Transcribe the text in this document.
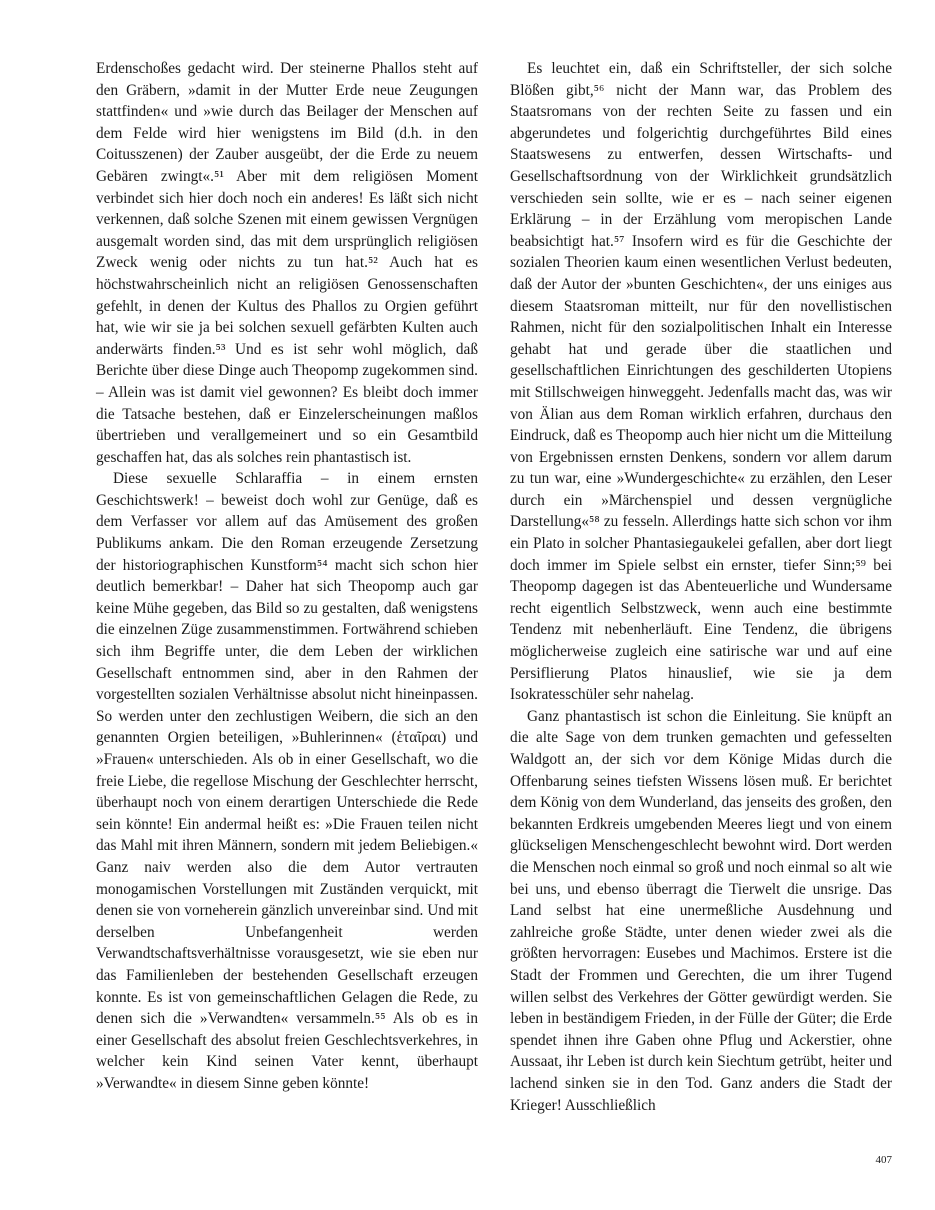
Erdenschoßes gedacht wird. Der steinerne Phallos steht auf den Gräbern, »damit in der Mutter Erde neue Zeugungen stattfinden« und »wie durch das Beilager der Menschen auf dem Felde wird hier wenigstens im Bild (d.h. in den Coitusszenen) der Zauber ausgeübt, der die Erde zu neuem Gebären zwingt«.⁵¹ Aber mit dem religiösen Moment verbindet sich hier doch noch ein anderes! Es läßt sich nicht verkennen, daß solche Szenen mit einem gewissen Vergnügen ausgemalt worden sind, das mit dem ursprünglich religiösen Zweck wenig oder nichts zu tun hat.⁵² Auch hat es höchstwahrscheinlich nicht an religiösen Genossenschaften gefehlt, in denen der Kultus des Phallos zu Orgien geführt hat, wie wir sie ja bei solchen sexuell gefärbten Kulten auch anderwärts finden.⁵³ Und es ist sehr wohl möglich, daß Berichte über diese Dinge auch Theopomp zugekommen sind. – Allein was ist damit viel gewonnen? Es bleibt doch immer die Tatsache bestehen, daß er Einzelerscheinungen maßlos übertrieben und verallgemeinert und so ein Gesamtbild geschaffen hat, das als solches rein phantastisch ist.

Diese sexuelle Schlaraffia – in einem ernsten Geschichtswerk! – beweist doch wohl zur Genüge, daß es dem Verfasser vor allem auf das Amüsement des großen Publikums ankam. Die den Roman erzeugende Zersetzung der historiographischen Kunstform⁵⁴ macht sich schon hier deutlich bemerkbar! – Daher hat sich Theopomp auch gar keine Mühe gegeben, das Bild so zu gestalten, daß wenigstens die einzelnen Züge zusammenstimmen. Fortwährend schieben sich ihm Begriffe unter, die dem Leben der wirklichen Gesellschaft entnommen sind, aber in den Rahmen der vorgestellten sozialen Verhältnisse absolut nicht hineinpassen. So werden unter den zechlustigen Weibern, die sich an den genannten Orgien beteiligen, »Buhlerinnen« (ἑταῖραι) und »Frauen« unterschieden. Als ob in einer Gesellschaft, wo die freie Liebe, die regellose Mischung der Geschlechter herrscht, überhaupt noch von einem derartigen Unterschiede die Rede sein könnte! Ein andermal heißt es: »Die Frauen teilen nicht das Mahl mit ihren Männern, sondern mit jedem Beliebigen.« Ganz naiv werden also die dem Autor vertrauten monogamischen Vorstellungen mit Zuständen verquickt, mit denen sie von vorneherein gänzlich unvereinbar sind. Und mit derselben Unbefangenheit werden Verwandtschaftsverhältnisse vorausgesetzt, wie sie eben nur das Familienleben der bestehenden Gesellschaft erzeugen konnte. Es ist von gemeinschaftlichen Gelagen die Rede, zu denen sich die »Verwandten« versammeln.⁵⁵ Als ob es in einer Gesellschaft des absolut freien Geschlechtsverkehres, in welcher kein Kind seinen Vater kennt, überhaupt »Verwandte« in diesem Sinne geben könnte!

Es leuchtet ein, daß ein Schriftsteller, der sich solche Blößen gibt,⁵⁶ nicht der Mann war, das Problem des Staatsromans von der rechten Seite zu fassen und ein abgerundetes und folgerichtig durchgeführtes Bild eines Staatswesens zu entwerfen, dessen Wirtschafts- und Gesellschaftsordnung von der Wirklichkeit grundsätzlich verschieden sein sollte, wie er es – nach seiner eigenen Erklärung – in der Erzählung vom meropischen Lande beabsichtigt hat.⁵⁷ Insofern wird es für die Geschichte der sozialen Theorien kaum einen wesentlichen Verlust bedeuten, daß der Autor der »bunten Geschichten«, der uns einiges aus diesem Staatsroman mitteilt, nur für den novellistischen Rahmen, nicht für den sozialpolitischen Inhalt ein Interesse gehabt hat und gerade über die staatlichen und gesellschaftlichen Einrichtungen des geschilderten Utopiens mit Stillschweigen hinweggeht. Jedenfalls macht das, was wir von Älian aus dem Roman wirklich erfahren, durchaus den Eindruck, daß es Theopomp auch hier nicht um die Mitteilung von Ergebnissen ernsten Denkens, sondern vor allem darum zu tun war, eine »Wundergeschichte« zu erzählen, den Leser durch ein »Märchenspiel und dessen vergnügliche Darstellung«⁵⁸ zu fesseln. Allerdings hatte sich schon vor ihm ein Plato in solcher Phantasiegaukelei gefallen, aber dort liegt doch immer im Spiele selbst ein ernster, tiefer Sinn;⁵⁹ bei Theopomp dagegen ist das Abenteuerliche und Wundersame recht eigentlich Selbstzweck, wenn auch eine bestimmte Tendenz mit nebenherläuft. Eine Tendenz, die übrigens möglicherweise zugleich eine satirische war und auf eine Persiflierung Platos hinauslief, wie sie ja dem Isokratesschüler sehr nahelag.

Ganz phantastisch ist schon die Einleitung. Sie knüpft an die alte Sage von dem trunken gemachten und gefesselten Waldgott an, der sich vor dem Könige Midas durch die Offenbarung seines tiefsten Wissens lösen muß. Er berichtet dem König von dem Wunderland, das jenseits des großen, den bekannten Erdkreis umgebenden Meeres liegt und von einem glückseligen Menschengeschlecht bewohnt wird. Dort werden die Menschen noch einmal so groß und noch einmal so alt wie bei uns, und ebenso überragt die Tierwelt die unsrige. Das Land selbst hat eine unermeßliche Ausdehnung und zahlreiche große Städte, unter denen wieder zwei als die größten hervorragen: Eusebes und Machimos. Erstere ist die Stadt der Frommen und Gerechten, die um ihrer Tugend willen selbst des Verkehres der Götter gewürdigt werden. Sie leben in beständigem Frieden, in der Fülle der Güter; die Erde spendet ihnen ihre Gaben ohne Pflug und Ackerstier, ohne Aussaat, ihr Leben ist durch kein Siechtum getrübt, heiter und lachend sinken sie in den Tod. Ganz anders die Stadt der Krieger! Ausschließlich

407
